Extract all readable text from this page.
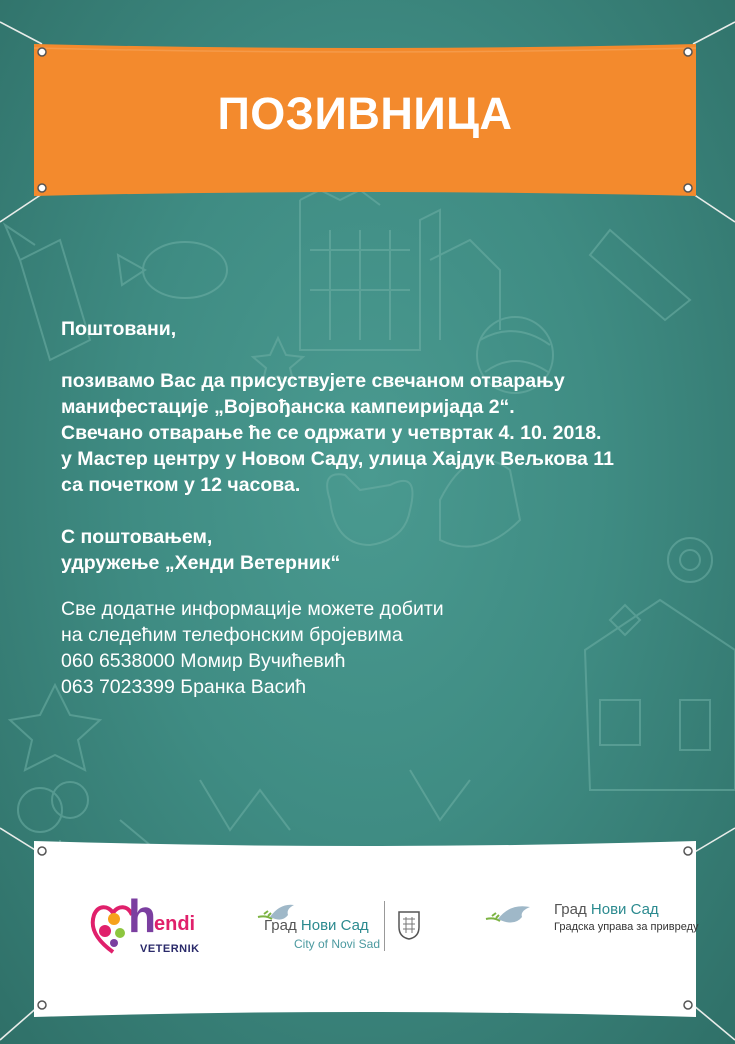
ПОЗИВНИЦА

Поштовани,

позивамо Вас да присуствујете свечаном отварању

манифестације „Војвођанска кампеиријада 2“.

Свечано отварање ће се одржати у четвртак 4. 10. 2018.

у Мастер центру у Новом Саду, улица Хајдук Вељкова 11

са почетком у 12 часова.

С поштовањем,

удружење „Хенди Ветерник“

Све додатне информације можете добити

на следећим телефонским бројевима

060 6538000 Момир Вучићевић

063 7023399 Бранка Васић

h
endi
VETERNIK
Град Нови Сад
City of Novi Sad
Град Нови Сад
Градска управа за привреду
